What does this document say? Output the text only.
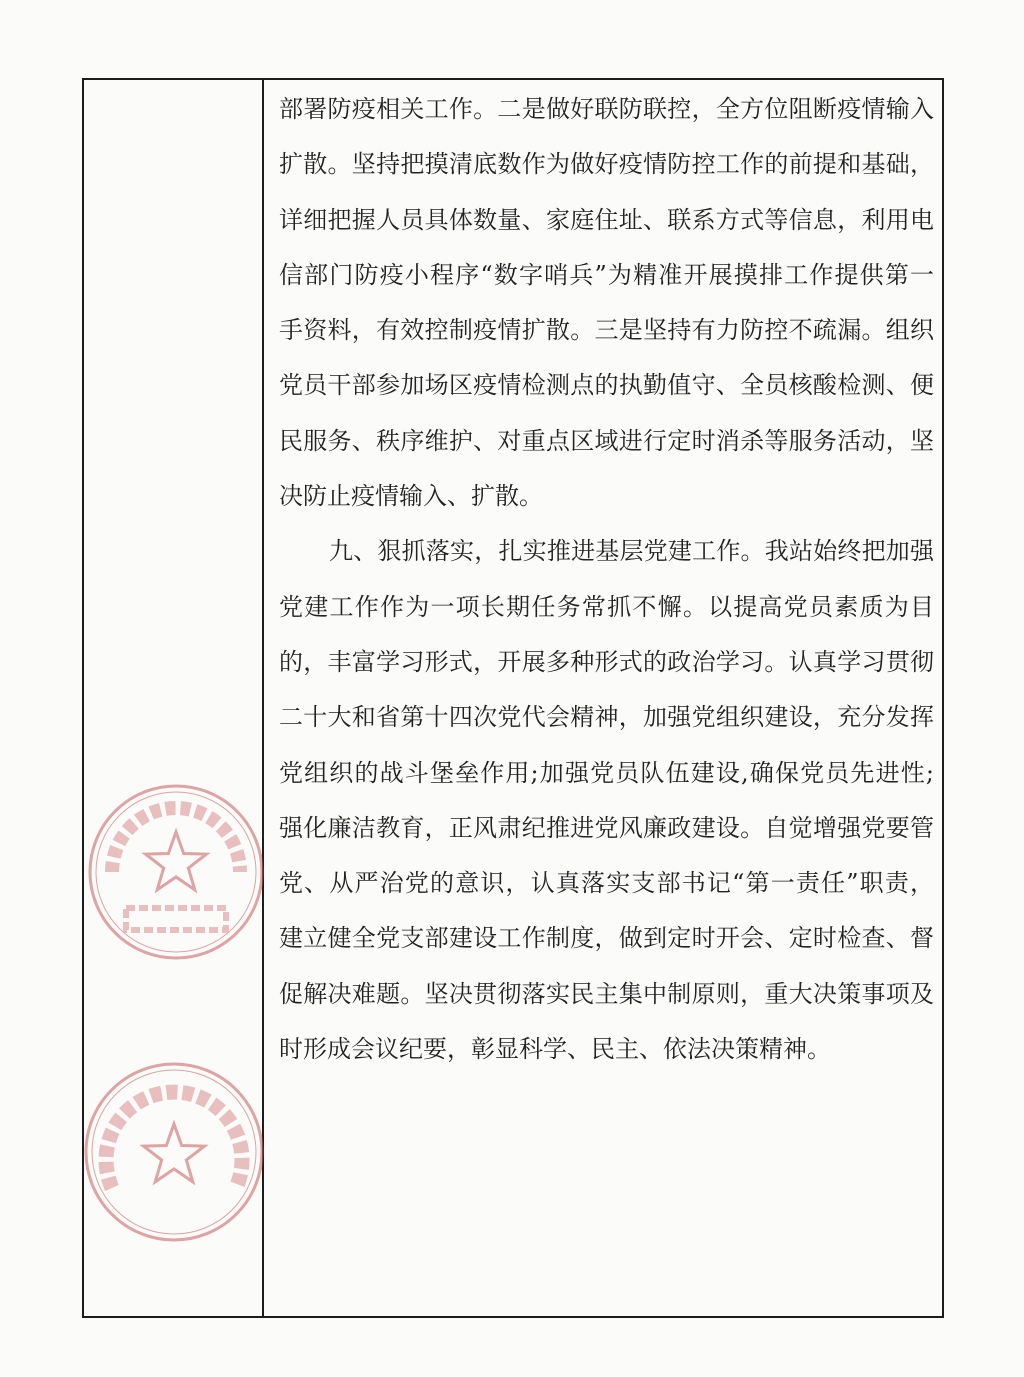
部署防疫相关工作。二是做好联防联控，全方位阻断疫情输入
扩散。坚持把摸清底数作为做好疫情防控工作的前提和基础，
详细把握人员具体数量、家庭住址、联系方式等信息，利用电
信部门防疫小程序“数字哨兵”为精准开展摸排工作提供第一
手资料，有效控制疫情扩散。三是坚持有力防控不疏漏。组织
党员干部参加场区疫情检测点的执勤值守、全员核酸检测、便
民服务、秩序维护、对重点区域进行定时消杀等服务活动，坚
决防止疫情输入、扩散。
九、狠抓落实，扎实推进基层党建工作。我站始终把加强
党建工作作为一项长期任务常抓不懈。以提高党员素质为目
的，丰富学习形式，开展多种形式的政治学习。认真学习贯彻
二十大和省第十四次党代会精神，加强党组织建设，充分发挥
党组织的战斗堡垒作用;加强党员队伍建设,确保党员先进性;
强化廉洁教育，正风肃纪推进党风廉政建设。自觉增强党要管
党、从严治党的意识，认真落实支部书记“第一责任”职责，
建立健全党支部建设工作制度，做到定时开会、定时检查、督
促解决难题。坚决贯彻落实民主集中制原则，重大决策事项及
时形成会议纪要，彰显科学、民主、依法决策精神。
